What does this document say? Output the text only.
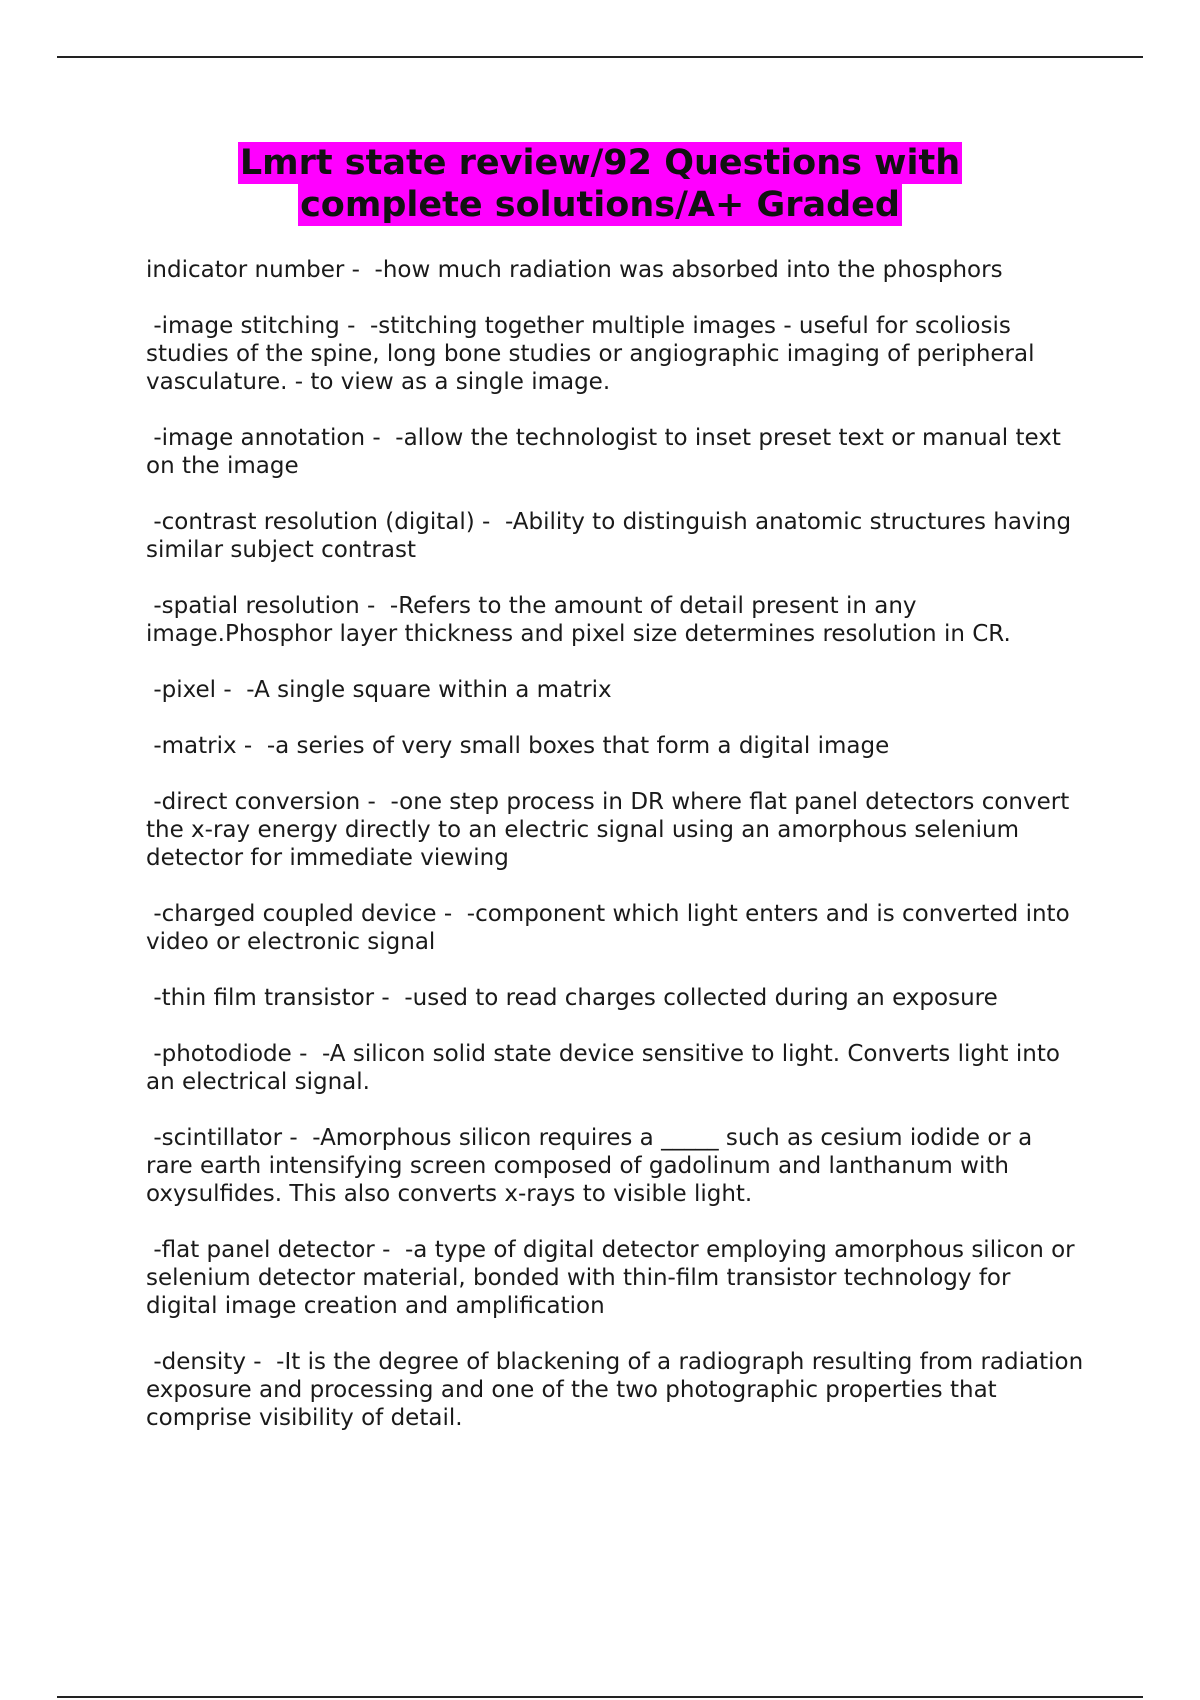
Lmrt state review/92 Questions with
complete solutions/A+ Graded

indicator number -  -how much radiation was absorbed into the phosphors

-image stitching -  -stitching together multiple images - useful for scoliosis studies of the spine, long bone studies or angiographic imaging of peripheral vasculature. - to view as a single image.

-image annotation -  -allow the technologist to inset preset text or manual text on the image

-contrast resolution (digital) -  -Ability to distinguish anatomic structures having similar subject contrast

-spatial resolution -  -Refers to the amount of detail present in any image.Phosphor layer thickness and pixel size determines resolution in CR.

-pixel -  -A single square within a matrix

-matrix -  -a series of very small boxes that form a digital image

-direct conversion -  -one step process in DR where flat panel detectors convert the x-ray energy directly to an electric signal using an amorphous selenium detector for immediate viewing

-charged coupled device -  -component which light enters and is converted into video or electronic signal

-thin film transistor -  -used to read charges collected during an exposure

-photodiode -  -A silicon solid state device sensitive to light. Converts light into an electrical signal.

-scintillator -  -Amorphous silicon requires a _____ such as cesium iodide or a rare earth intensifying screen composed of gadolinum and lanthanum with oxysulfides. This also converts x-rays to visible light.

-flat panel detector -  -a type of digital detector employing amorphous silicon or selenium detector material, bonded with thin-film transistor technology for digital image creation and amplification

-density -  -It is the degree of blackening of a radiograph resulting from radiation exposure and processing and one of the two photographic properties that comprise visibility of detail.
